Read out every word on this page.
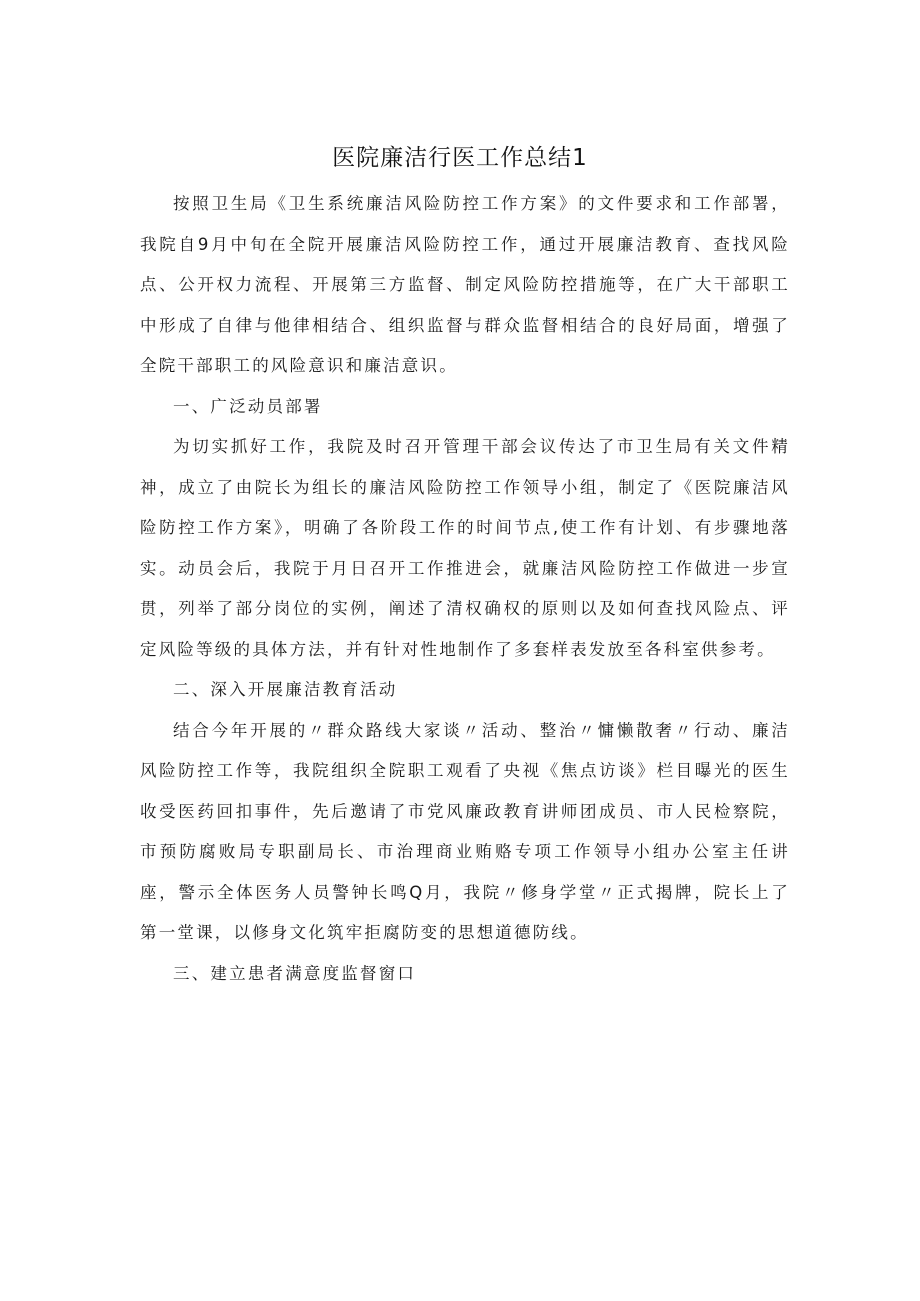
医院廉洁行医工作总结1

按照卫生局《卫生系统廉洁风险防控工作方案》的文件要求和工作部署，我院自9月中旬在全院开展廉洁风险防控工作，通过开展廉洁教育、查找风险点、公开权力流程、开展第三方监督、制定风险防控措施等，在广大干部职工中形成了自律与他律相结合、组织监督与群众监督相结合的良好局面，增强了全院干部职工的风险意识和廉洁意识。

一、广泛动员部署

为切实抓好工作，我院及时召开管理干部会议传达了市卫生局有关文件精神，成立了由院长为组长的廉洁风险防控工作领导小组，制定了《医院廉洁风险防控工作方案》，明确了各阶段工作的时间节点,使工作有计划、有步骤地落实。动员会后，我院于月日召开工作推进会，就廉洁风险防控工作做进一步宣贯，列举了部分岗位的实例，阐述了清权确权的原则以及如何查找风险点、评定风险等级的具体方法，并有针对性地制作了多套样表发放至各科室供参考。

二、深入开展廉洁教育活动

结合今年开展的〃群众路线大家谈〃活动、整治〃慵懒散奢〃行动、廉洁风险防控工作等，我院组织全院职工观看了央视《焦点访谈》栏目曝光的医生收受医药回扣事件，先后邀请了市党风廉政教育讲师团成员、市人民检察院，市预防腐败局专职副局长、市治理商业贿赂专项工作领导小组办公室主任讲座，警示全体医务人员警钟长鸣Q月，我院〃修身学堂〃正式揭牌，院长上了第一堂课，以修身文化筑牢拒腐防变的思想道德防线。

三、建立患者满意度监督窗口
